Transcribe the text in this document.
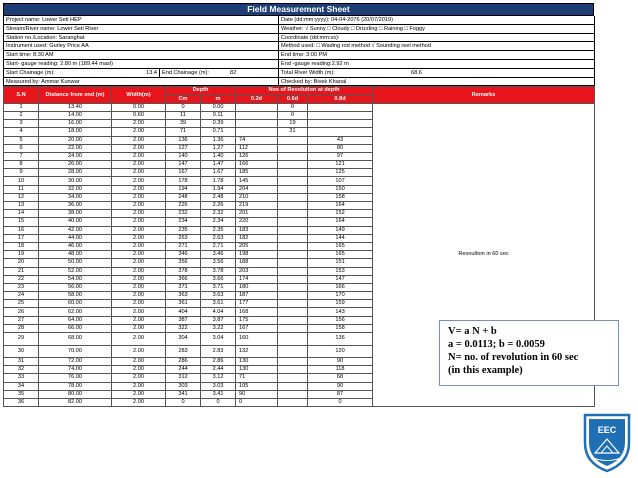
Field Measurement Sheet
Project name: Lower Seti HEP	Date (dd:mm:yyyy): 04-04-2076 (20/07/2019)
Stream/River name: Lower Seti River	Weather: √ Sunny □ Cloudy □ Drizzling □ Raining □ Foggy
Station no./Location: Saranghat	Coordinate (dd:mm:ss):
Instrument used: Gurley Price AA	Method used: □ Wading rod method √ Sounding reel method
Start time: 8:30 AM	End time: 3:00 PM
Start- gauge reading: 2.80 m (189.44 masl)	End -gauge reading:2.92 m
Start Chainage (m):	13.4 End Chainage (m):	82	Total River Width (m):	68.6
Measured by: Ammar Kunwar	Checked by: Bivek Khanal
S.N	Distance from end (m)	Width(m)	Depth		Nos of Revolution at depth			Remarks
			Cm	m	0.2d	0.6d	0.8d	
1	13.40	0.00	0	0.00		0		Revoultion in 60 sec
2	14.00	0.60	11	0.11		0		
3	16.00	2.00	39	0.39		19		
4	18.00	2.00	71	0.71		31		
5	20.00	2.00	136	1.36	74		43	
6	22.00	2.00	127	1.27	112		80	
7	24.00	2.00	140	1.40	126		97	
8	26.00	2.00	147	1.47	166		121	
9	28.00	2.00	167	1.67	185		125	
10	30.00	2.00	178	1.78	145		107	
11	32.00	2.00	194	1.94	204		150	
12	34.00	2.00	248	2.48	210		158	
13	36.00	2.00	226	2.26	219		164	
14	38.00	2.00	232	2.32	201		152	
15	40.00	2.00	234	2.34	220		164	
16	42.00	2.00	235	2.35	183		149	
17	44.00	2.00	263	2.63	182		144	
18	46.00	2.00	271	2.71	205		165	
19	48.00	2.00	346	3.46	198		165	
20	50.00	2.00	356	3.56	188		151	
21	52.00	2.00	378	3.78	203		153	
22	54.00	2.00	366	3.66	174		147	
23	56.00	2.00	371	3.71	180		166	
24	58.00	2.00	363	3.63	187		170	
25	60.00	2.00	361	3.61	177		159	
26	62.00	2.00	404	4.04	168		143	
27	64.00	2.00	387	3.87	175		156	
28	66.00	2.00	322	3.22	167		158	
29	68.00	2.00	304	3.04	160		136	
30	70.00	2.00	283	2.83	132		120	
31	72.00	2.00	286	2.86	130		90	
32	74.00	2.00	244	2.44	130		118	
33	76.00	2.00	312	3.12	71		68	
34	78.00	2.00	303	3.03	105		90	
35	80.00	2.00	341	3.41	90		87	
36	82.00	2.00	0	0	0		0	
V= a N + b
a = 0.0113; b = 0.0059
N= no. of revolution in 60 sec
(in this example)
EEC
